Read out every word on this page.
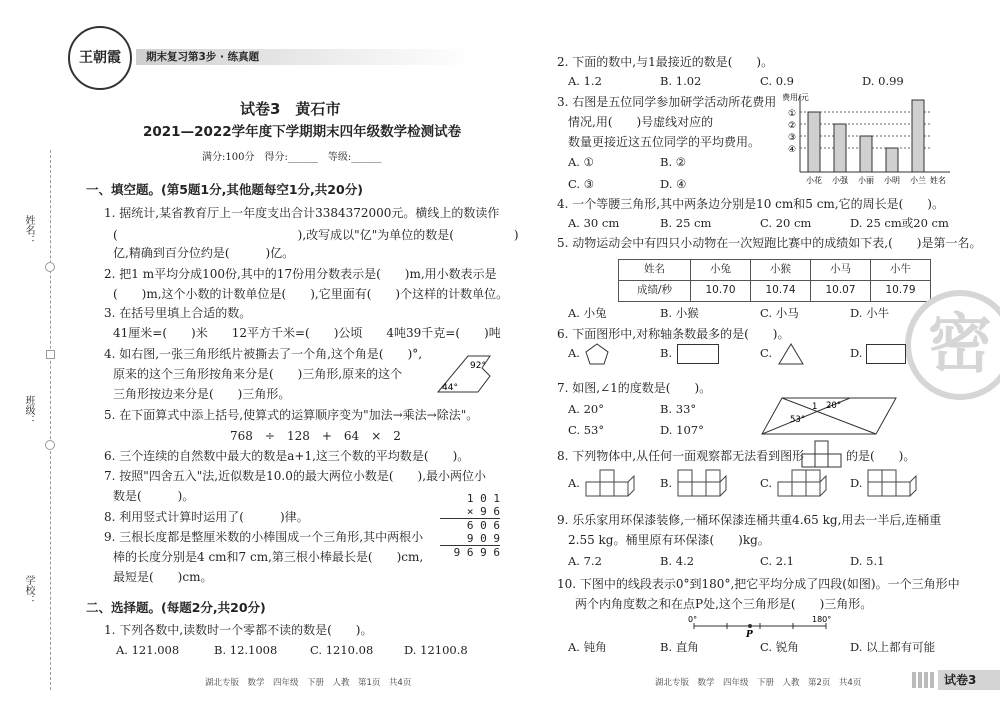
姓名：
班级：
学校：
王朝霞	期末复习第3步 · 练真题
试卷3　黄石市
2021—2022学年度下学期期末四年级数学检测试卷
满分:100分　得分:______　等级:______
一、填空题。(第5题1分,其他题每空1分,共20分)
1. 据统计,某省教育厅上一年度支出合计3384372000元。横线上的数读作
(　　　　　　　　　　　　　　　),改写成以"亿"为单位的数是(　　　　　)
亿,精确到百分位约是(　　　)亿。
2. 把1 m平均分成100份,其中的17份用分数表示是(　　)m,用小数表示是
(　　)m,这个小数的计数单位是(　　),它里面有(　　)个这样的计数单位。
3. 在括号里填上合适的数。
41厘米=(　　)米　　12平方千米=(　　)公顷　　4吨39千克=(　　)吨
4. 如右图,一张三角形纸片被撕去了一个角,这个角是(　　)°,
原来的这个三角形按角来分是(　　)三角形,原来的这个
三角形按边来分是(　　)三角形。
92°
44°
5. 在下面算式中添上括号,使算式的运算顺序变为"加法→乘法→除法"。
768　÷　128　+　64　×　2
6. 三个连续的自然数中最大的数是a+1,这三个数的平均数是(　　)。
7. 按照"四舍五入"法,近似数是10.0的最大两位小数是(　　),最小两位小
数是(　　　)。
8. 利用竖式计算时运用了(　　　)律。
9. 三根长度都是整厘米数的小棒围成一个三角形,其中两根小
棒的长度分别是4 cm和7 cm,第三根小棒最长是(　　)cm,
最短是(　　)cm。
1 0 1
× 9 6
6 0 6
9 0 9
9 6 9 6
二、选择题。(每题2分,共20分)
1. 下列各数中,读数时一个零都不读的数是(　　)。
A. 121.008	B. 12.1008	C. 1210.08	D. 12100.8
湖北专版　数学　四年级　下册　人教　第1页　共4页
2. 下面的数中,与1最接近的数是(　　)。
A. 1.2	B. 1.02	C. 0.9	D. 0.99
3. 右图是五位同学参加研学活动所花费用
情况,用(　　)号虚线对应的
数量更接近这五位同学的平均费用。
A. ①	B. ②
C. ③	D. ④
费用/元
①
②
③
④
小花 小强 小丽 小明 小兰 姓名
4. 一个等腰三角形,其中两条边分别是10 cm和5 cm,它的周长是(　　)。
A. 30 cm	B. 25 cm	C. 20 cm	D. 25 cm或20 cm
5. 动物运动会中有四只小动物在一次短跑比赛中的成绩如下表,(　　)是第一名。
姓名	小兔	小猴	小马	小牛
成绩/秒	10.70	10.74	10.07	10.79
A. 小兔	B. 小猴	C. 小马	D. 小牛 密
6. 下面图形中,对称轴条数最多的是(　　)。
A.	B.	C.	D.
7. 如图,∠1的度数是(　　)。
A. 20°	B. 33°
C. 53°	D. 107°
1 20°
53°
8. 下列物体中,从任何一面观察都无法看到图形	的是(　　)。
A.	B.	C.	D.
9. 乐乐家用环保漆装修,一桶环保漆连桶共重4.65 kg,用去一半后,连桶重
2.55 kg。桶里原有环保漆(　　)kg。
A. 7.2	B. 4.2	C. 2.1	D. 5.1
10. 下图中的线段表示0°到180°,把它平均分成了四段(如图)。一个三角形中
两个内角度数之和在点P处,这个三角形是(　　)三角形。
0°
P
180°
A. 钝角	B. 直角	C. 锐角	D. 以上都有可能
湖北专版　数学　四年级　下册　人教　第2页　共4页	试卷3
